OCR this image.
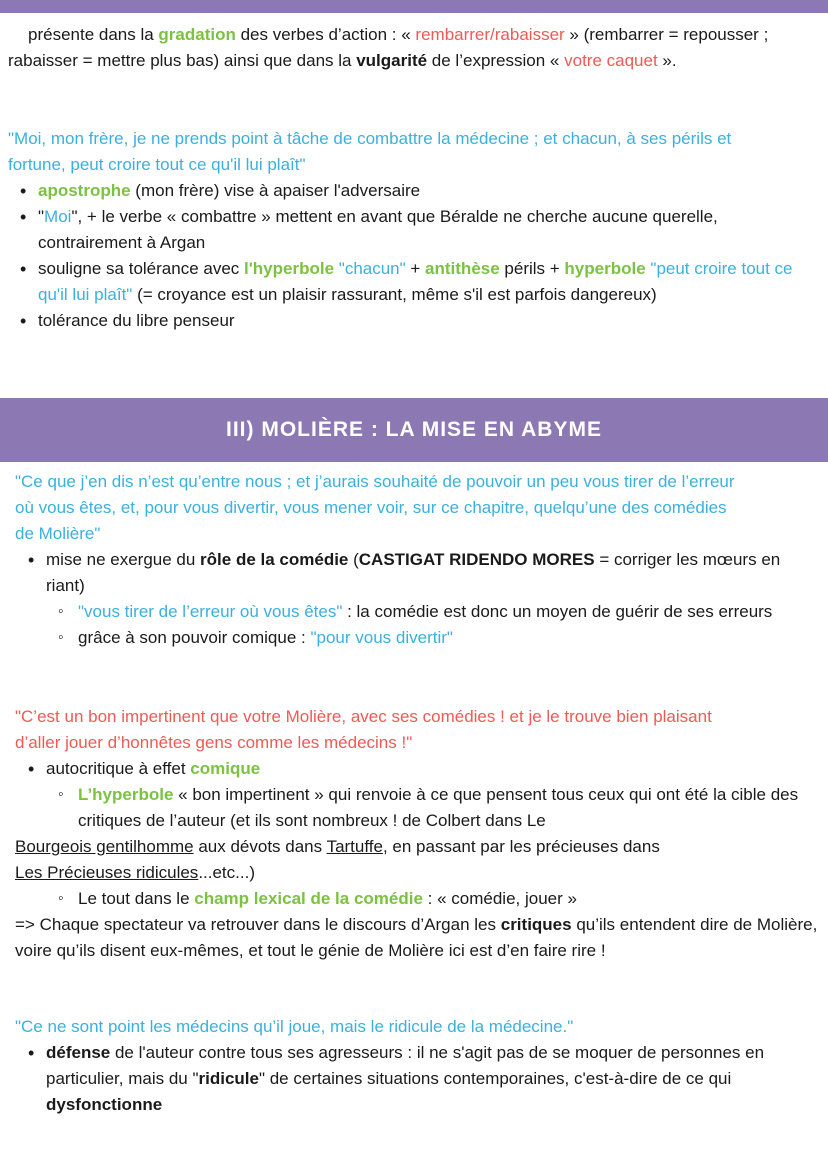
présente dans la gradation des verbes d’action : « rembarrer/rabaisser » (rembarrer = repousser ; rabaisser = mettre plus bas) ainsi que dans la vulgarité de l’expression « votre caquet ».

"Moi, mon frère, je ne prends point à tâche de combattre la médecine ; et chacun, à ses périls et fortune, peut croire tout ce qu'il lui plaît"

• apostrophe (mon frère) vise à apaiser l'adversaire
• "Moi", + le verbe « combattre » mettent en avant que Béralde ne cherche aucune querelle, contrairement à Argan
• souligne sa tolérance avec l'hyperbole "chacun" + antithèse périls + hyperbole "peut croire tout ce qu'il lui plaît" (= croyance est un plaisir rassurant, même s'il est parfois dangereux)
• tolérance du libre penseur
III) MOLIÈRE : LA MISE EN ABYME

"Ce que j’en dis n’est qu’entre nous ; et j’aurais souhaité de pouvoir un peu vous tirer de l’erreur où vous êtes, et, pour vous divertir, vous mener voir, sur ce chapitre, quelqu’une des comédies de Molière"

• mise ne exergue du rôle de la comédie (CASTIGAT RIDENDO MORES = corriger les mœurs en riant)
◦ "vous tirer de l’erreur où vous êtes" : la comédie est donc un moyen de guérir de ses erreurs
◦ grâce à son pouvoir comique : "pour vous divertir"

"C’est un bon impertinent que votre Molière, avec ses comédies ! et je le trouve bien plaisant d’aller jouer d’honnêtes gens comme les médecins !"

• autocritique à effet comique
◦ L’hyperbole « bon impertinent » qui renvoie à ce que pensent tous ceux qui ont été la cible des critiques de l’auteur (et ils sont nombreux ! de Colbert dans Le

Bourgeois gentilhomme aux dévots dans Tartuffe, en passant par les précieuses dans
Les Précieuses ridicules...etc...)

◦ Le tout dans le champ lexical de la comédie : « comédie, jouer »

=> Chaque spectateur va retrouver dans le discours d’Argan les critiques qu’ils entendent dire de Molière, voire qu’ils disent eux-mêmes, et tout le génie de Molière ici est d’en faire rire !

"Ce ne sont point les médecins qu’il joue, mais le ridicule de la médecine."

• défense de l'auteur contre tous ses agresseurs : il ne s'agit pas de se moquer de personnes en particulier, mais du "ridicule" de certaines situations contemporaines, c'est-à-dire de ce qui dysfonctionne
